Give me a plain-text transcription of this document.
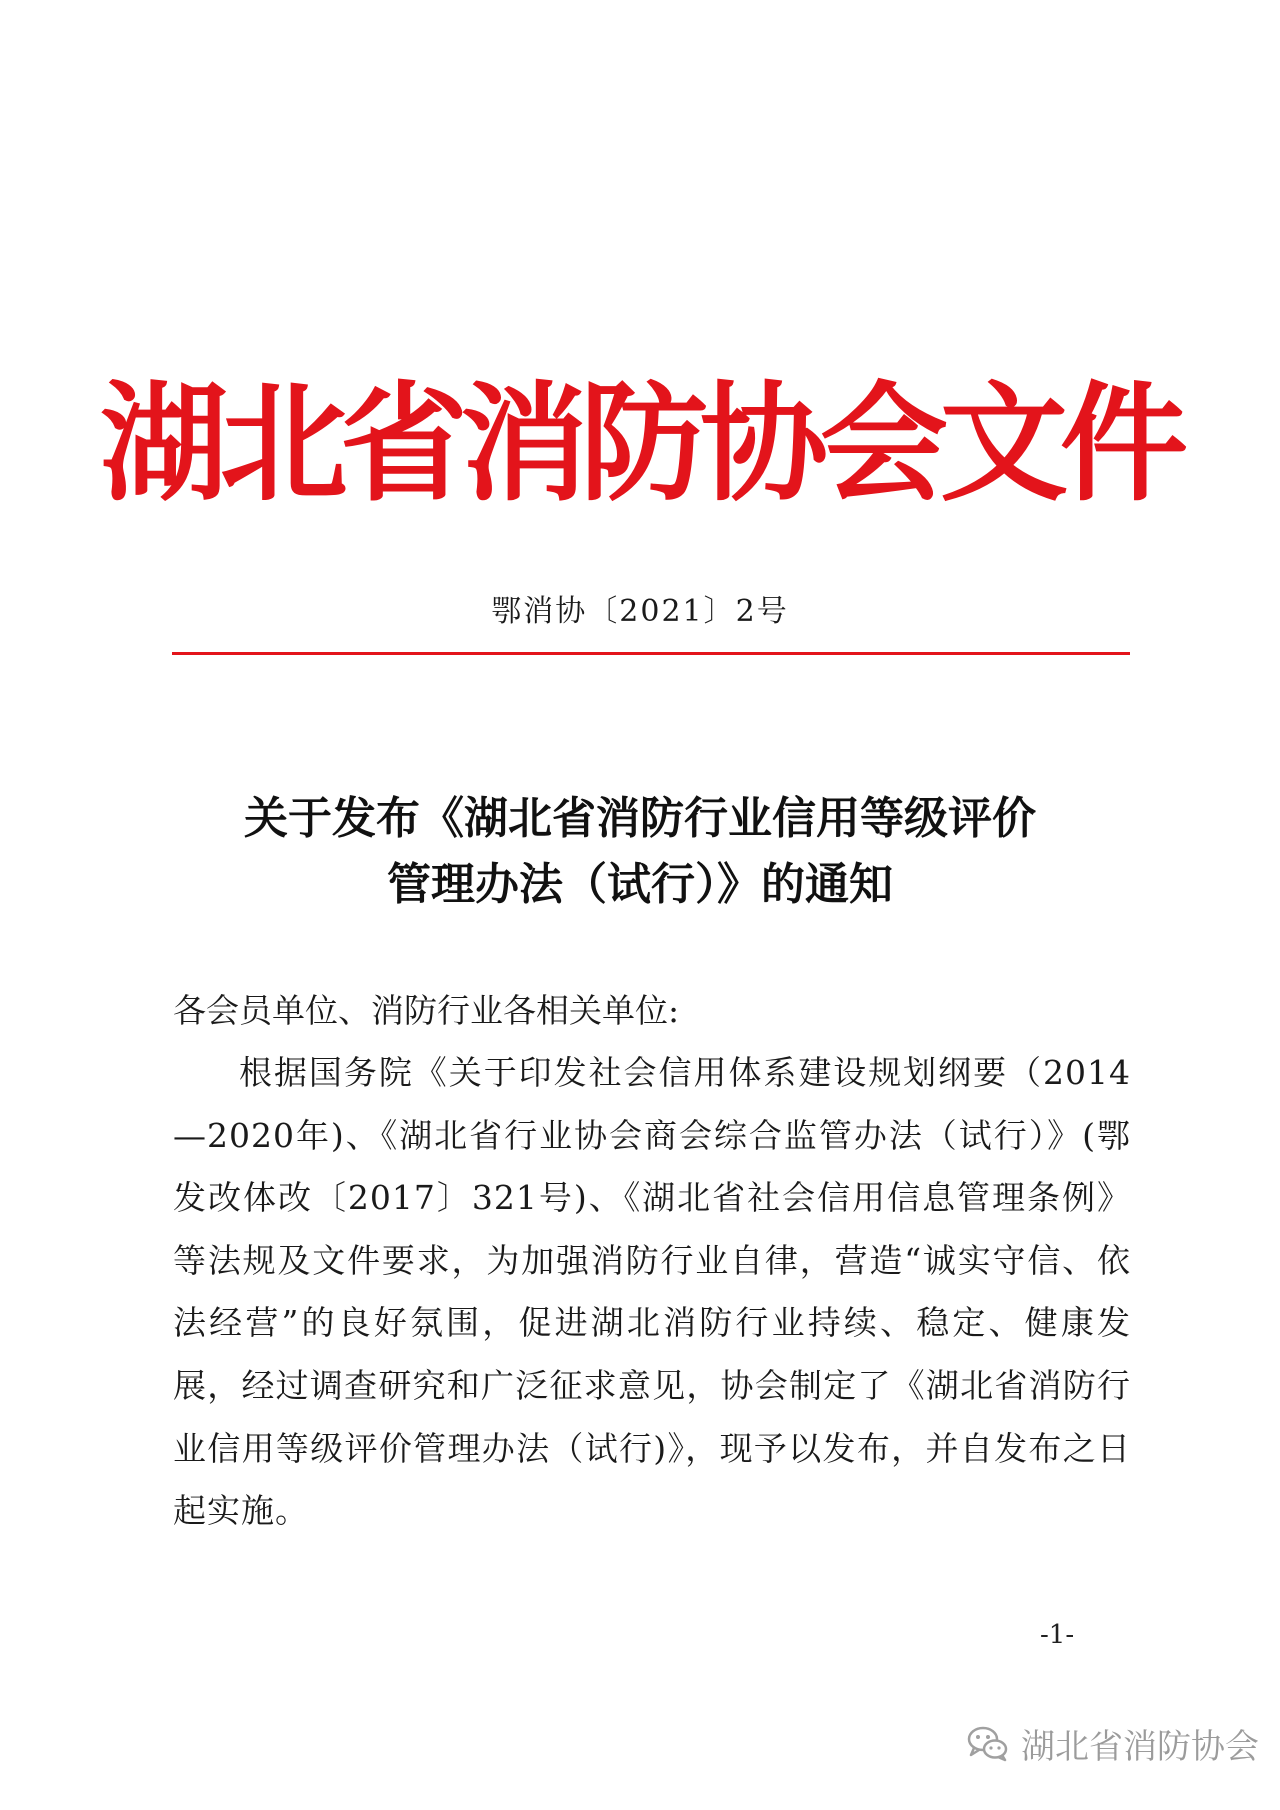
湖北省消防协会文件
鄂消协〔2021〕2号
关于发布《湖北省消防行业信用等级评价
管理办法（试行）》的通知

各会员单位、消防行业各相关单位:

根据国务院《关于印发社会信用体系建设规划纲要（2014—2020年)、《湖北省行业协会商会综合监管办法（试行）》(鄂发改体改〔2017〕321号)、《湖北省社会信用信息管理条例》等法规及文件要求，为加强消防行业自律，营造“诚实守信、依法经营”的良好氛围，促进湖北消防行业持续、稳定、健康发展，经过调查研究和广泛征求意见，协会制定了《湖北省消防行业信用等级评价管理办法（试行)》，现予以发布，并自发布之日起实施。

-1-
湖北省消防协会
